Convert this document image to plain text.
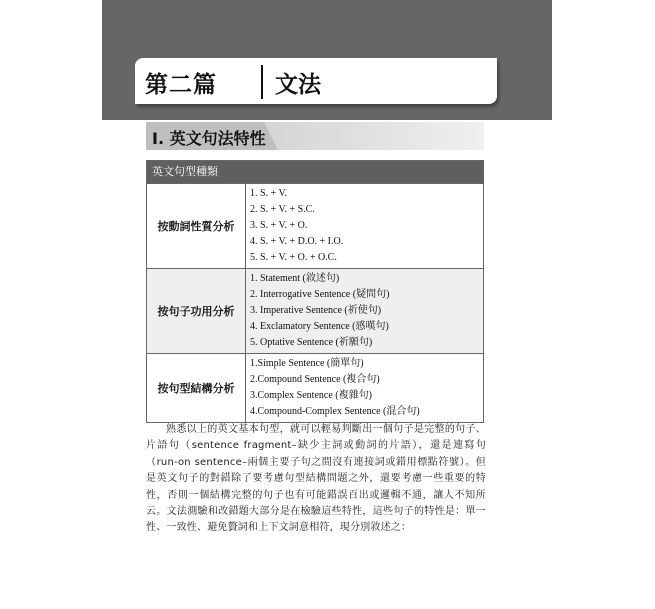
第二篇	文法
I. 英文句法特性
英文句型種類
按動詞性質分析
1. S. + V.
2. S. + V. + S.C.
3. S. + V. + O.
4. S. + V. + D.O. + I.O.
5. S. + V. + O. + O.C.
按句子功用分析
1. Statement (敘述句)
2. Interrogative Sentence (疑問句)
3. Imperative Sentence (祈使句)
4. Exclamatory Sentence (感嘆句)
5. Optative Sentence (祈願句)
按句型結構分析
1.Simple Sentence (簡單句)
2.Compound Sentence (複合句)
3.Complex Sentence (複雜句)
4.Compound-Complex Sentence (混合句)

熟悉以上的英文基本句型，就可以輕易判斷出一個句子是完整的句子、片語句（sentence fragment–缺少主詞或動詞的片語），還是連寫句（run-on sentence–兩個主要子句之間沒有連接詞或錯用標點符號）。但是英文句子的對錯除了要考慮句型結構問題之外，還要考慮一些重要的特性，否則一個結構完整的句子也有可能錯誤百出或邏輯不通，讓人不知所云。文法測驗和改錯題大部分是在檢驗這些特性，這些句子的特性是：單一性、一致性、避免贅詞和上下文詞意相符，現分別敘述之：
